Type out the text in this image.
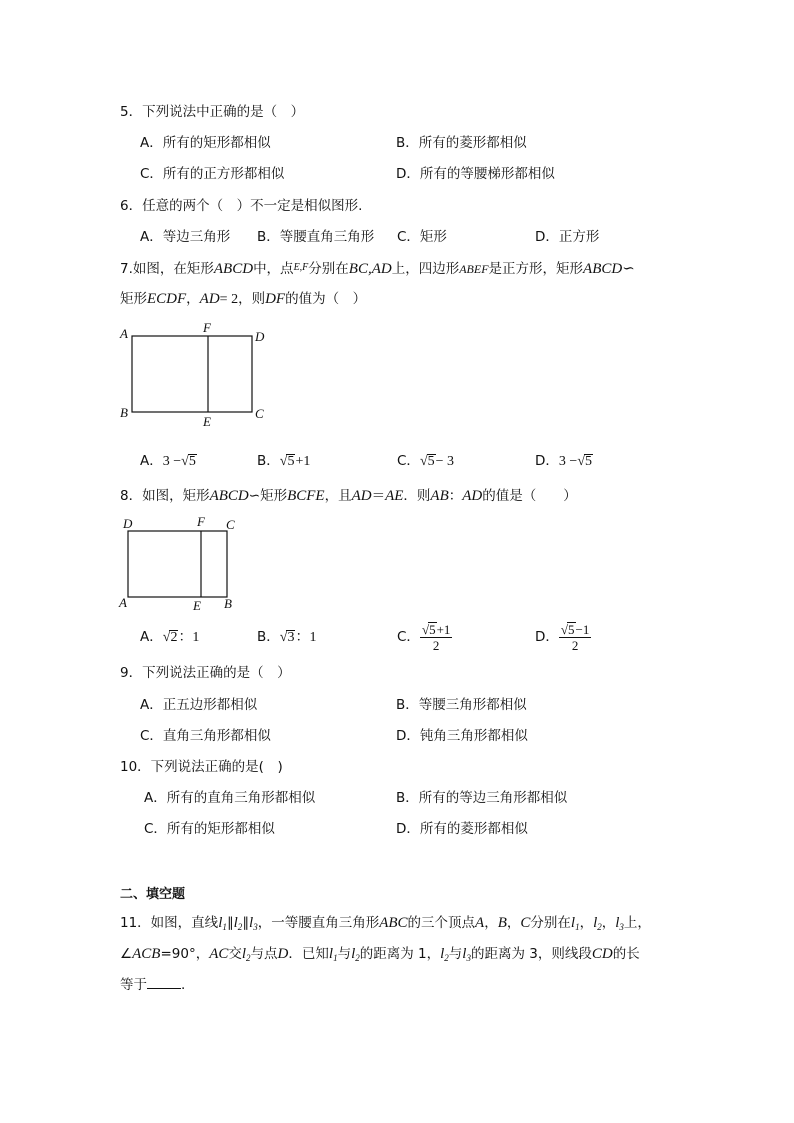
5．下列说法中正确的是（　）
A．所有的矩形都相似	B．所有的菱形都相似
C．所有的正方形都相似	D．所有的等腰梯形都相似
6．任意的两个（　）不一定是相似图形.
A．等边三角形 B．等腰直角三角形 C．矩形	D．正方形
7.如图，在矩形ABCD中，点$^{E,F}$分别在BC,AD上，四边形ABEF是正方形，矩形ABCD∽
矩形ECDF，AD= 2，则DF的值为（　）
A	F
D
B
E
C
A．3 −√5	B．√5+1	C．√5− 3	D．3 −√5
8．如图，矩形ABCD∽矩形BCFE，且AD＝AE．则AB：AD的值是（　　）
D	F C
A	E B
A．√2：1	B．√3：1	C． $\frac{√5+1}{2}$	D． $\frac{√5-1}{2}$
9．下列说法正确的是（　）
A．正五边形都相似	B．等腰三角形都相似
C．直角三角形都相似	D．钝角三角形都相似
10．下列说法正确的是(　)
A．所有的直角三角形都相似	B．所有的等边三角形都相似
C．所有的矩形都相似	D．所有的菱形都相似
二、填空题
11．如图，直线$l_1\parallel l_2\parallel l_3$，一等腰直角三角形ABC的三个顶点A，B，C分别在$l_1$，$l_2$，$l_3$上，
∠ACB=90°，AC交$l_2$与点D．已知$l_1$与$l_2$的距离为 1，$l_2$与$l_3$的距离为 3，则线段CD的长
等于	.
